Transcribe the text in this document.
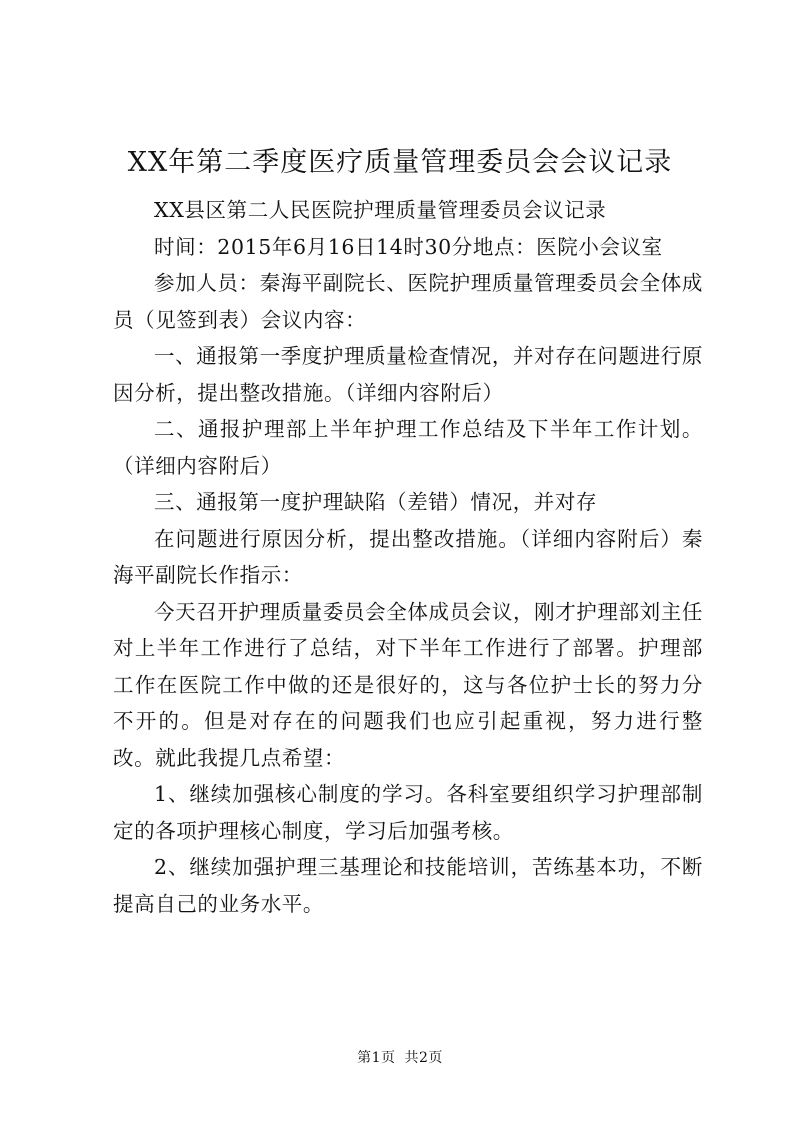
XX年第二季度医疗质量管理委员会会议记录

XX县区第二人民医院护理质量管理委员会议记录

时间：2015年6月16日14时30分地点：医院小会议室

参加人员：秦海平副院长、医院护理质量管理委员会全体成员（见签到表）会议内容：

一、通报第一季度护理质量检查情况，并对存在问题进行原因分析，提出整改措施。（详细内容附后）

二、通报护理部上半年护理工作总结及下半年工作计划。（详细内容附后）

三、通报第一度护理缺陷（差错）情况，并对存

在问题进行原因分析，提出整改措施。（详细内容附后）秦海平副院长作指示：

今天召开护理质量委员会全体成员会议，刚才护理部刘主任对上半年工作进行了总结，对下半年工作进行了部署。护理部工作在医院工作中做的还是很好的，这与各位护士长的努力分不开的。但是对存在的问题我们也应引起重视，努力进行整改。就此我提几点希望：

1、继续加强核心制度的学习。各科室要组织学习护理部制定的各项护理核心制度，学习后加强考核。

2、继续加强护理三基理论和技能培训，苦练基本功，不断提高自己的业务水平。

第1页 共2页
